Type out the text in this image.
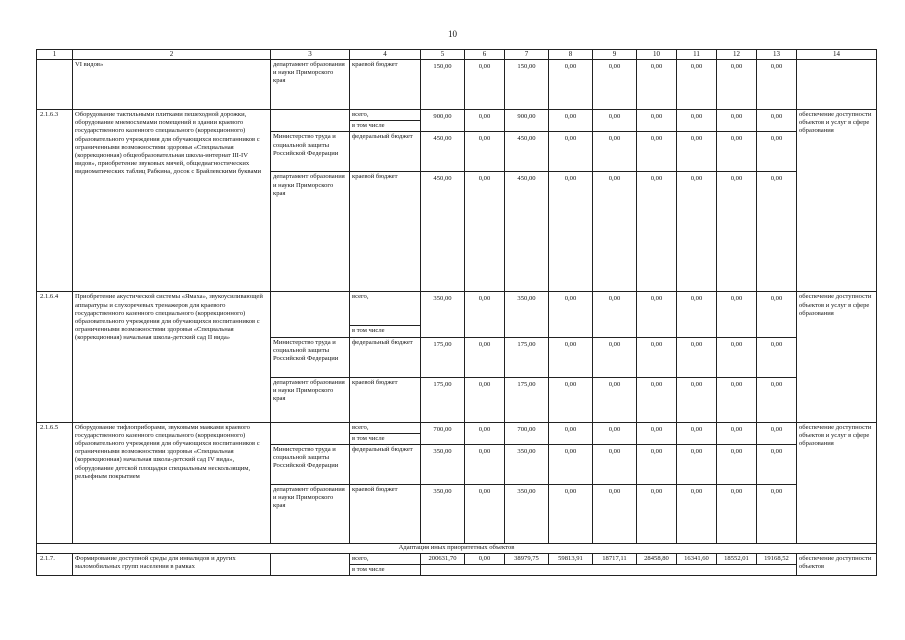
10
1	2	3	4	5	6	7	8	9	10	11	12	13	14
	VI видов»	департамент образования и науки Приморского края	краевой бюджет	150,00	0,00	150,00	0,00	0,00	0,00	0,00	0,00	0,00	
2.1.6.3	Оборудование тактильными плитками пешеходной дорожки, оборудование мнемосхемами помещений в здании краевого государственного казенного специального (коррекционного) образовательного учреждения для обучающихся воспитанников с ограниченными возможностями здоровья «Специальная (коррекционная) общеобразовательная школа-интернат III-IV видов», приобретение звуковых мячей, общедиагностических видиоматических таблиц Рабкина, досок с Брайлевскими буквами		всего,	900,00	0,00	900,00	0,00	0,00	0,00	0,00	0,00	0,00	обеспечение доступности объектов и услуг в сфере образования
			в том числе										
		Министерство труда и социальной защиты Российской Федерации	федеральный бюджет	450,00	0,00	450,00	0,00	0,00	0,00	0,00	0,00	0,00	
		департамент образования и науки Приморского края	краевой бюджет	450,00	0,00	450,00	0,00	0,00	0,00	0,00	0,00	0,00	
2.1.6.4	Приобретение акустической системы «Ямаха», звукоусиливающей аппаратуры и слухоречевых тренажеров для краевого государственного казенного специального (коррекционного) образовательного учреждения для обучающихся воспитанников с ограниченными возможностями здоровья «Специальная (коррекционная) начальная школа-детский сад II вида»		всего,	350,00	0,00	350,00	0,00	0,00	0,00	0,00	0,00	0,00	обеспечение доступности объектов и услуг в сфере образования
			в том числе										
		Министерство труда и социальной защиты Российской Федерации	федеральный бюджет	175,00	0,00	175,00	0,00	0,00	0,00	0,00	0,00	0,00	
		департамент образования и науки Приморского края	краевой бюджет	175,00	0,00	175,00	0,00	0,00	0,00	0,00	0,00	0,00	
2.1.6.5	Оборудование тифлоприборами, звуковыми маяками краевого государственного казенного специального (коррекционного) образовательного учреждения для обучающихся воспитанников с ограниченными возможностями здоровья «Специальная (коррекционная) начальная школа-детский сад IV вида», оборудование детской площадки специальным нескользящим, рельефным покрытием		всего,	700,00	0,00	700,00	0,00	0,00	0,00	0,00	0,00	0,00	обеспечение доступности объектов и услуг в сфере образования
			в том числе										
		Министерство труда и социальной защиты Российской Федерации	федеральный бюджет	350,00	0,00	350,00	0,00	0,00	0,00	0,00	0,00	0,00	
		департамент образования и науки Приморского края	краевой бюджет	350,00	0,00	350,00	0,00	0,00	0,00	0,00	0,00	0,00	
Адаптация иных приоритетных объектов													
2.1.7.	Формирование доступной среды для инвалидов и других маломобильных групп населения в рамках		всего,	200631,70	0,00	38979,75	59813,91	18717,11	28458,80	16341,60	18552,01	19168,52	обеспечение доступности объектов
			в том числе										
